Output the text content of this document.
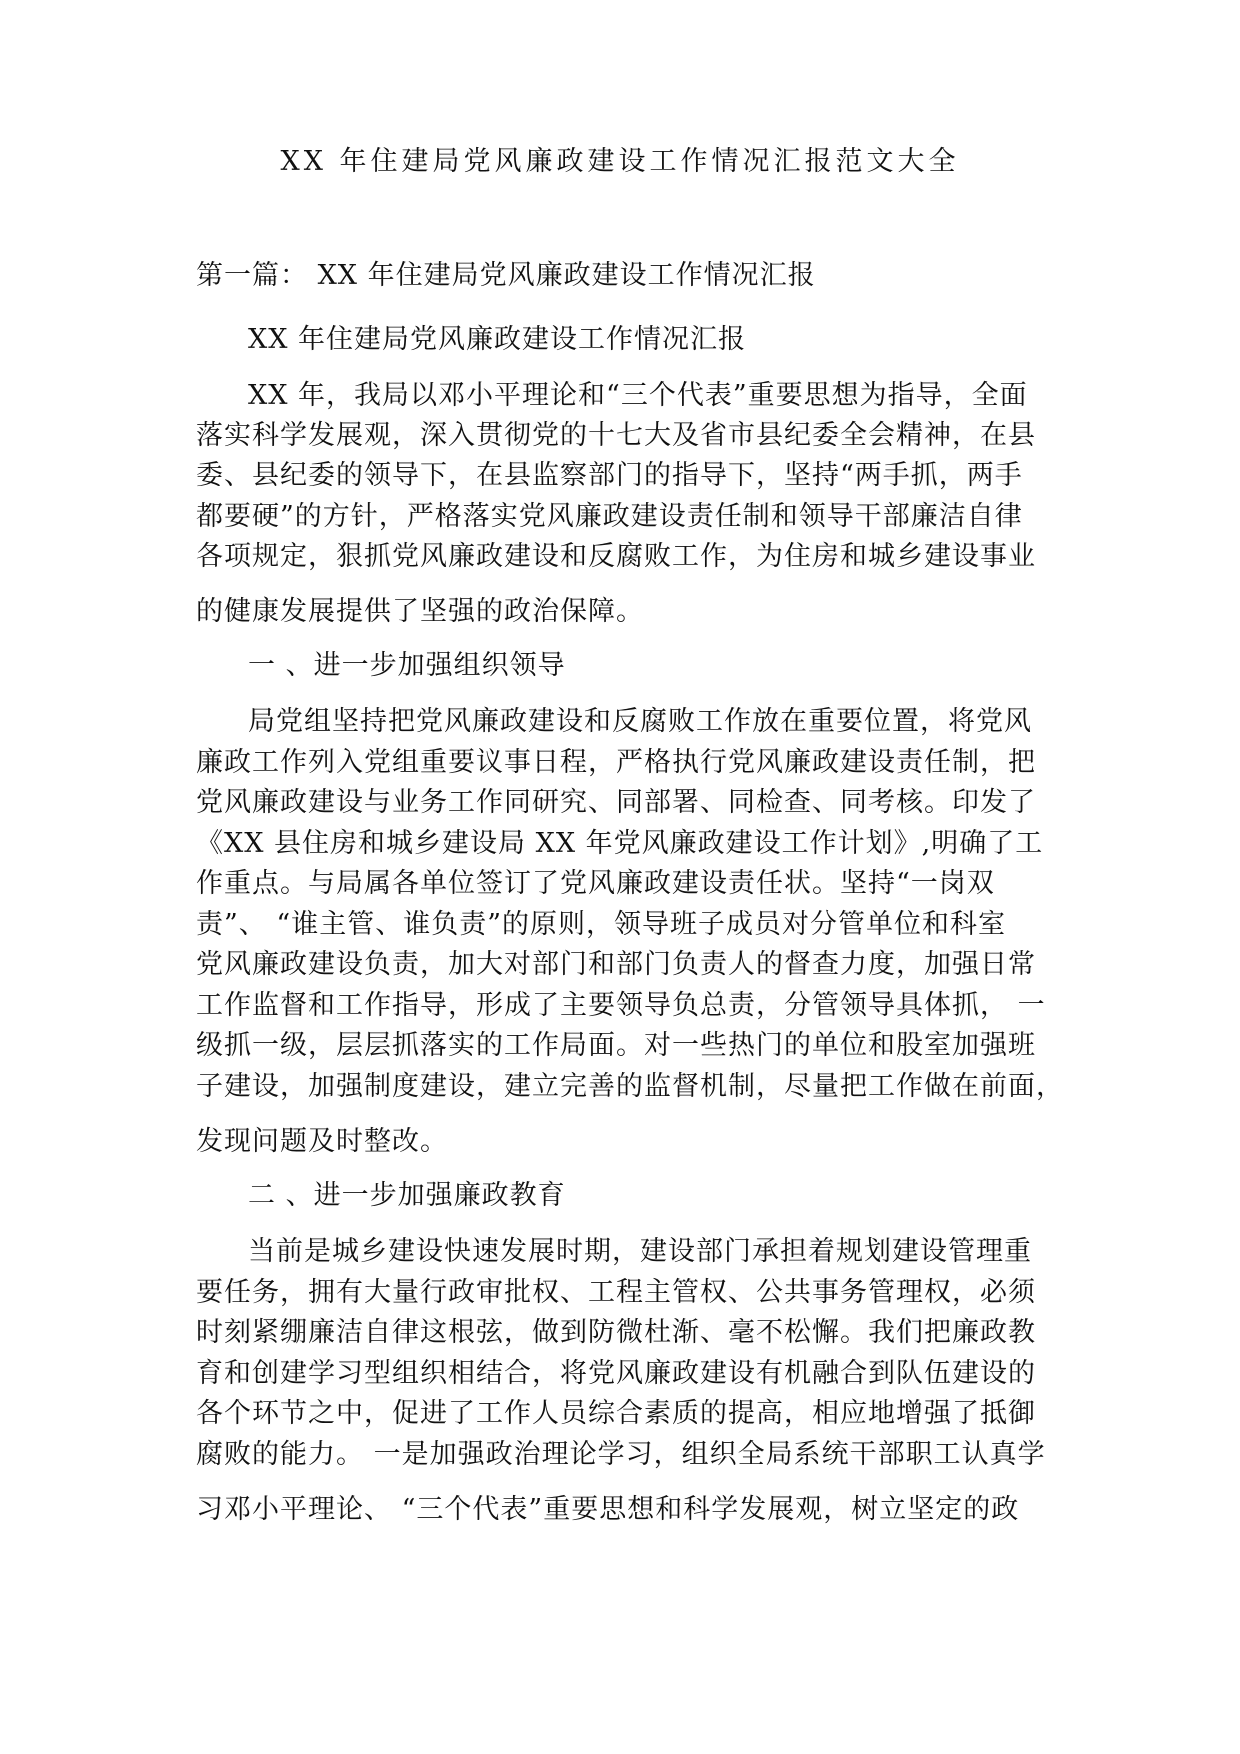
XX 年住建局党风廉政建设工作情况汇报范文大全
第一篇： XX 年住建局党风廉政建设工作情况汇报
XX 年住建局党风廉政建设工作情况汇报
XX 年，我局以邓小平理论和“三个代表”重要思想为指导，全面
落实科学发展观，深入贯彻党的十七大及省市县纪委全会精神，在县
委、县纪委的领导下，在县监察部门的指导下，坚持“两手抓，两手
都要硬”的方针，严格落实党风廉政建设责任制和领导干部廉洁自律
各项规定，狠抓党风廉政建设和反腐败工作，为住房和城乡建设事业
的健康发展提供了坚强的政治保障。
一 、进一步加强组织领导
局党组坚持把党风廉政建设和反腐败工作放在重要位置，将党风
廉政工作列入党组重要议事日程，严格执行党风廉政建设责任制，把
党风廉政建设与业务工作同研究、同部署、同检查、同考核。印发了
《XX 县住房和城乡建设局 XX 年党风廉政建设工作计划》,明确了工
作重点。与局属各单位签订了党风廉政建设责任状。坚持“一岗双
责”、 “谁主管、谁负责”的原则，领导班子成员对分管单位和科室
党风廉政建设负责，加大对部门和部门负责人的督查力度，加强日常
工作监督和工作指导，形成了主要领导负总责，分管领导具体抓， 一
级抓一级，层层抓落实的工作局面。对一些热门的单位和股室加强班
子建设，加强制度建设，建立完善的监督机制，尽量把工作做在前面，
发现问题及时整改。
二 、进一步加强廉政教育
当前是城乡建设快速发展时期，建设部门承担着规划建设管理重
要任务，拥有大量行政审批权、工程主管权、公共事务管理权，必须
时刻紧绷廉洁自律这根弦，做到防微杜渐、毫不松懈。我们把廉政教
育和创建学习型组织相结合，将党风廉政建设有机融合到队伍建设的
各个环节之中，促进了工作人员综合素质的提高，相应地增强了抵御
腐败的能力。 一是加强政治理论学习，组织全局系统干部职工认真学
习邓小平理论、 “三个代表”重要思想和科学发展观，树立坚定的政
